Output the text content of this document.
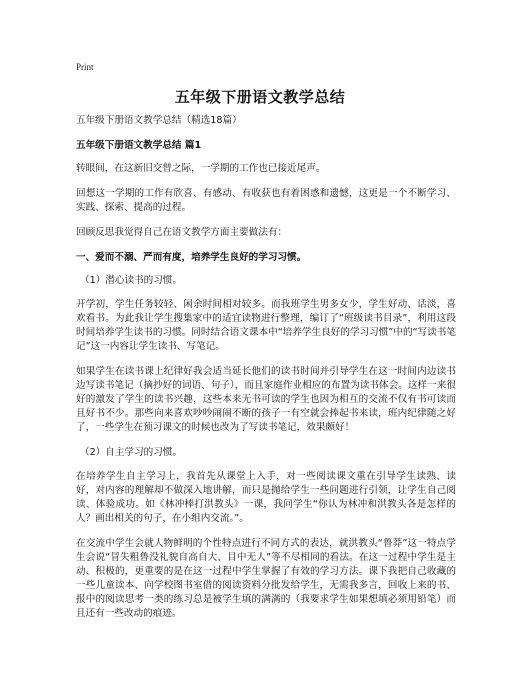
Print
五年级下册语文教学总结

五年级下册语文教学总结（精选18篇）

五年级下册语文教学总结 篇1

转眼间，在这新旧交替之际，一学期的工作也已接近尾声。

回想这一学期的工作有欣喜、有感动、有收获也有着困惑和遗憾，这更是一个不断学习、实践、探索、提高的过程。

回顾反思我觉得自己在语文教学方面主要做法有：

一、爱而不溺、严而有度，培养学生良好的学习习惯。

（1）潜心读书的习惯。

开学初，学生任务较轻、闲余时间相对较多。而我班学生男多女少，学生好动、话淡，喜欢看书。为此我让学生搜集家中的适宜读物进行整理，编订了“班级读书目录”，利用这段时间培养学生读书的习惯。同时结合语文课本中“培养学生良好的学习习惯”中的“写读书笔记”这一内容让学生读书、写笔记。

如果学生在读书课上纪律好我会适当延长他们的读书时间并引导学生在这一时间内边读书边写读书笔记（摘抄好的词语、句子），而且家庭作业相应的布置为读书体会。这样一来很好的激发了学生的读书兴趣，这些本来无书可读的学生也因为相互的交流不仅有书可读而且好书不少。那些向来喜欢吵吵闹闹不断的孩子一有空就会捧起书来读，班内纪律随之好了，一些学生在预习课文的时候也改为了写读书笔记，效果颇好！

（2）自主学习的习惯。

在培养学生自主学习上，我首先从课堂上入手，对一些阅读课文重在引导学生读熟、读好，对内容的理解却不做深入地讲解，而只是抛给学生一些问题进行引领，让学生自己阅读、体验成功。如《林冲棒打洪教头》一课，我问学生“你认为林冲和洪教头各是怎样的人？画出相关的句子，在小组内交流。”。

在交流中学生会就人物鲜明的个性特点进行不同方式的表达，就洪教头“鲁莽”这一特点学生会说“冒失粗鲁没礼貌自高自大、目中无人”等不尽相同的看法。在这一过程中学生是主动、积极的，更重要的是在这一过程中学生掌握了有效的学习方法。课下我把自己收藏的一些儿童读本、向学校图书室借的阅读资料分批发给学生，无需我多言，回收上来的书、报中的阅读思考一类的练习总是被学生填的满满的（我要求学生如果想填必须用铅笔）而且还有一些改动的痕迹。
